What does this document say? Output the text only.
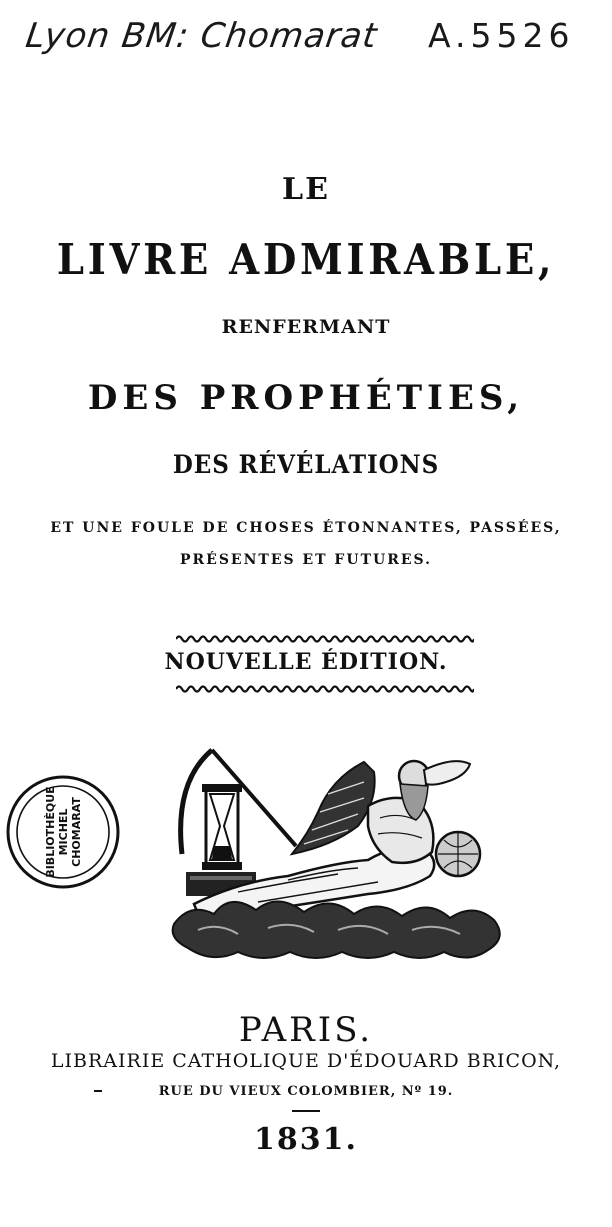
Lyon BM: Chomarat A.5526
LE
LIVRE ADMIRABLE,
RENFERMANT
DES PROPHÉTIES,
DES RÉVÉLATIONS
ET UNE FOULE DE CHOSES ÉTONNANTES, PASSÉES,
PRÉSENTES ET FUTURES.
NOUVELLE ÉDITION.
BIBLIOTHÈQUE MICHEL CHOMARAT
PARIS.
LIBRAIRIE CATHOLIQUE D'ÉDOUARD BRICON,
RUE DU VIEUX COLOMBIER, Nº 19.
1831.
